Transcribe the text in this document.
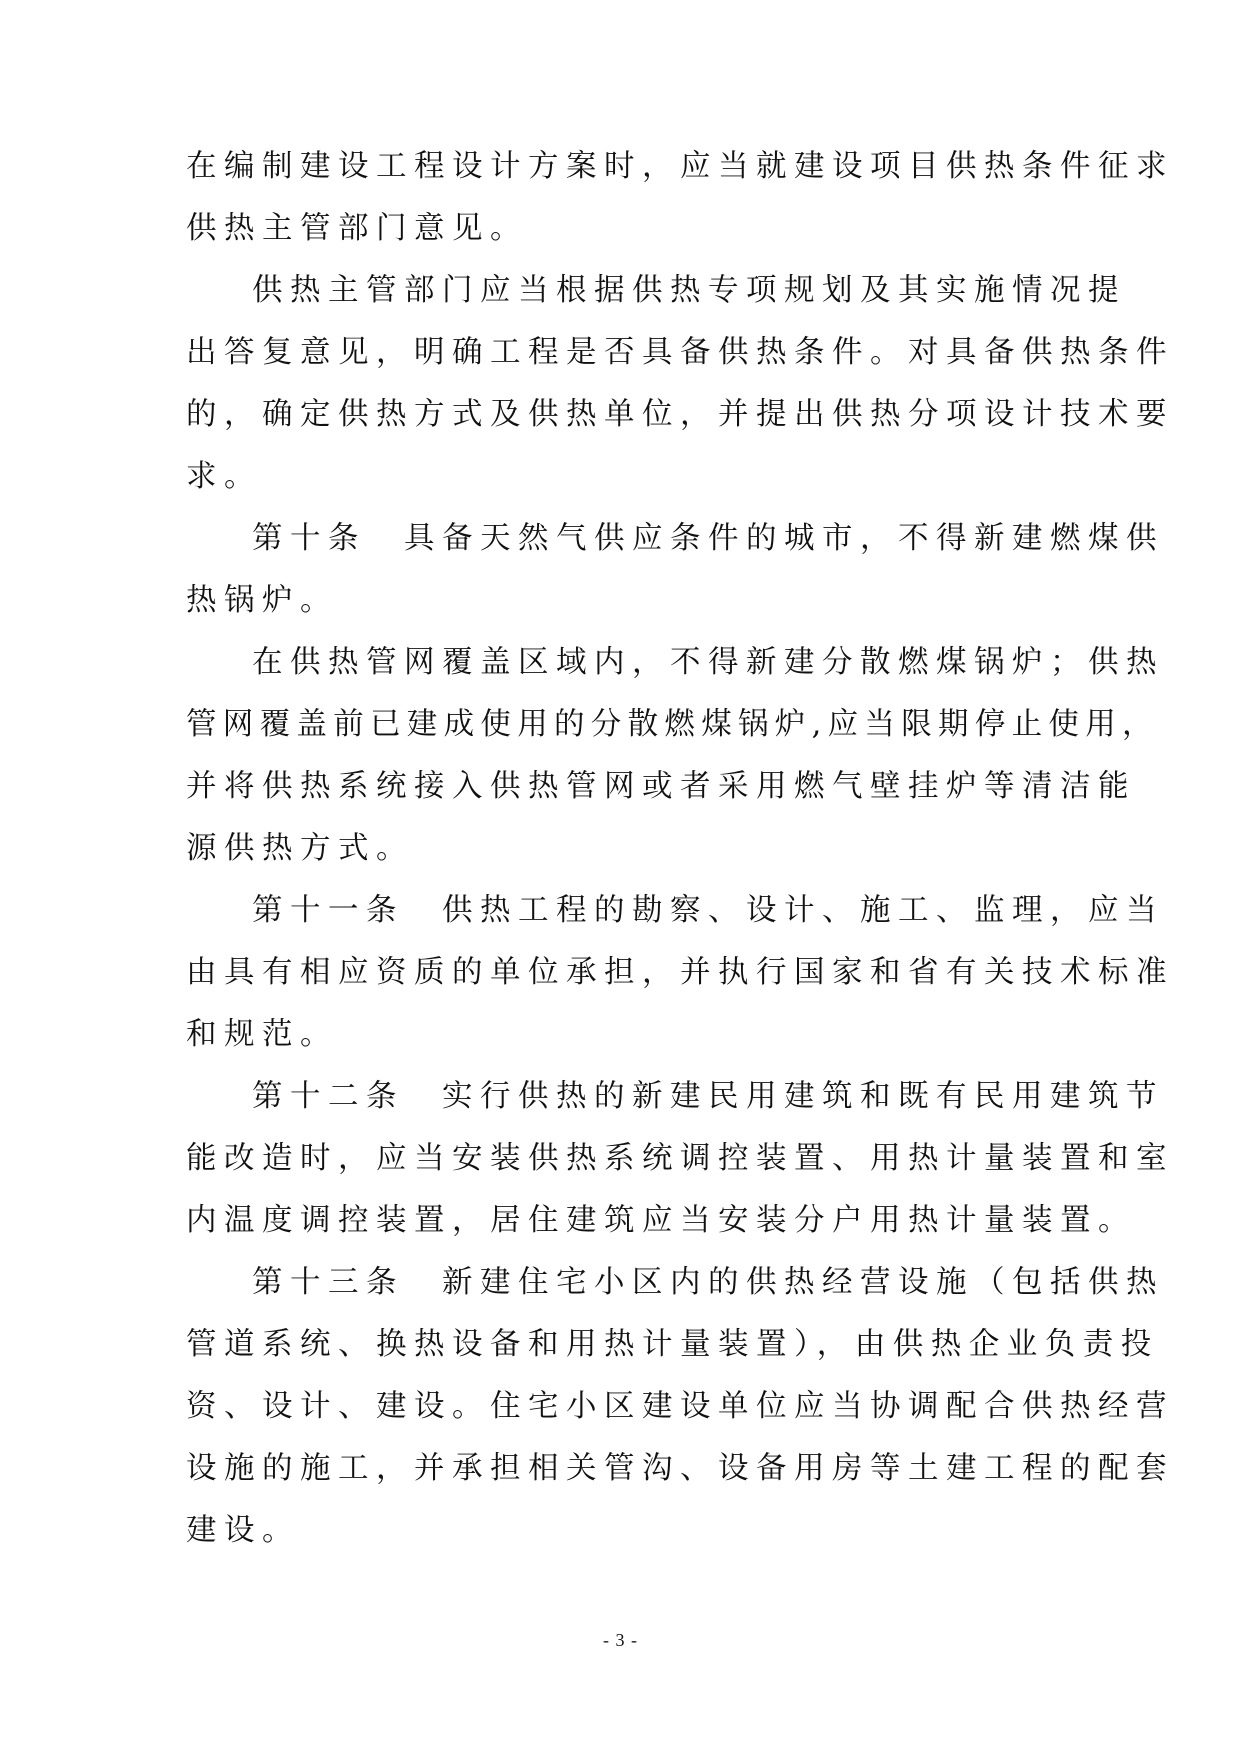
在编制建设工程设计方案时，应当就建设项目供热条件征求
供热主管部门意见。
供热主管部门应当根据供热专项规划及其实施情况提
出答复意见，明确工程是否具备供热条件。对具备供热条件
的，确定供热方式及供热单位，并提出供热分项设计技术要
求。
第十条　具备天然气供应条件的城市，不得新建燃煤供
热锅炉。
在供热管网覆盖区域内，不得新建分散燃煤锅炉；供热
管网覆盖前已建成使用的分散燃煤锅炉,应当限期停止使用，
并将供热系统接入供热管网或者采用燃气壁挂炉等清洁能
源供热方式。
第十一条　供热工程的勘察、设计、施工、监理，应当
由具有相应资质的单位承担，并执行国家和省有关技术标准
和规范。
第十二条　实行供热的新建民用建筑和既有民用建筑节
能改造时，应当安装供热系统调控装置、用热计量装置和室
内温度调控装置，居住建筑应当安装分户用热计量装置。
第十三条　新建住宅小区内的供热经营设施（包括供热
管道系统、换热设备和用热计量装置），由供热企业负责投
资、设计、建设。住宅小区建设单位应当协调配合供热经营
设施的施工，并承担相关管沟、设备用房等土建工程的配套
建设。
- 3 -
